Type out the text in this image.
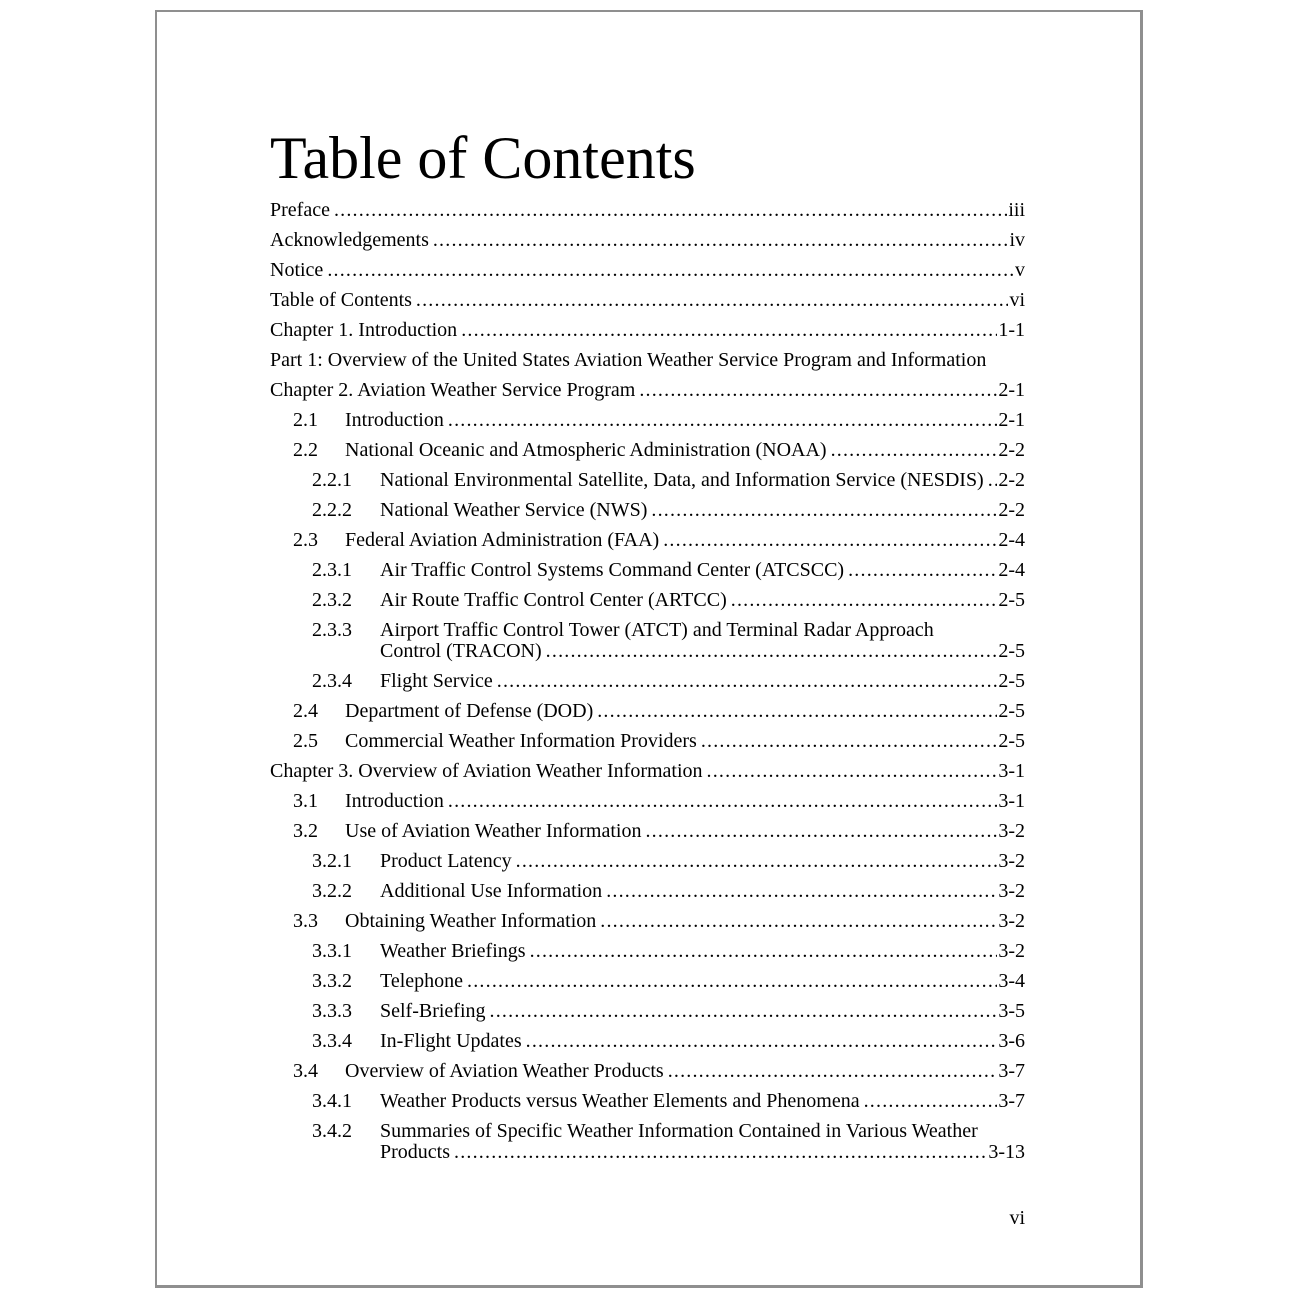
Table of Contents
Preface .....	iii
Acknowledgements .....	iv
Notice .....	v
Table of Contents .....	vi
Chapter 1. Introduction .....	1-1
Part 1: Overview of the United States Aviation Weather Service Program and Information
Chapter 2. Aviation Weather Service Program .....	2-1
2.1	Introduction .....	2-1
2.2	National Oceanic and Atmospheric Administration (NOAA) .....	2-2
2.2.1	National Environmental Satellite, Data, and Information Service (NESDIS) ..... 2-2
2.2.2	National Weather Service (NWS) .....	2-2
2.3	Federal Aviation Administration (FAA) .....	2-4
2.3.1	Air Traffic Control Systems Command Center (ATCSCC) .....	2-4
2.3.2	Air Route Traffic Control Center (ARTCC) .....	2-5
2.3.3	Airport Traffic Control Tower (ATCT) and Terminal Radar Approach
Control (TRACON) .....	2-5
2.3.4	Flight Service .....	2-5
2.4	Department of Defense (DOD) .....	2-5
2.5	Commercial Weather Information Providers .....	2-5
Chapter 3. Overview of Aviation Weather Information .....	3-1
3.1	Introduction .....	3-1
3.2	Use of Aviation Weather Information .....	3-2
3.2.1	Product Latency .....	3-2
3.2.2	Additional Use Information .....	3-2
3.3	Obtaining Weather Information .....	3-2
3.3.1	Weather Briefings .....	3-2
3.3.2	Telephone .....	3-4
3.3.3	Self-Briefing .....	3-5
3.3.4	In-Flight Updates .....	3-6
3.4	Overview of Aviation Weather Products .....	3-7
3.4.1	Weather Products versus Weather Elements and Phenomena .....	3-7
3.4.2	Summaries of Specific Weather Information Contained in Various Weather
Products .....	3-13
vi
